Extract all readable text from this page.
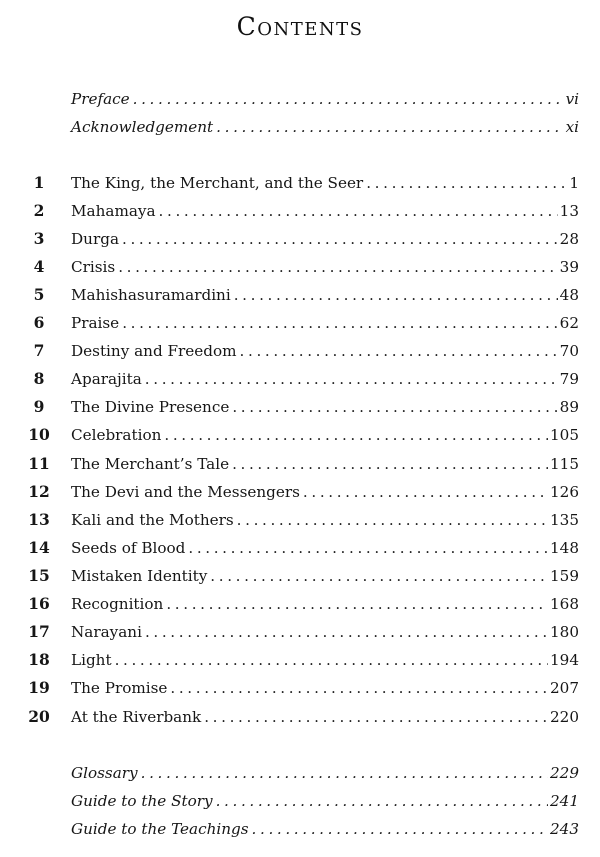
Contents
Preface . . .	vi
Acknowledgement . . .	xi
1	The King, the Merchant, and the Seer . . .	1
2	Mahamaya . . .	13
3	Durga . . .	28
4	Crisis . . .	39
5	Mahishasuramardini . . .	48
6	Praise . . .	62
7	Destiny and Freedom . . .	70
8	Aparajita . . .	79
9	The Divine Presence . . .	89
10	Celebration . . .	105
11	The Merchant’s Tale . . .	115
12	The Devi and the Messengers . . .	126
13	Kali and the Mothers . . .	135
14	Seeds of Blood . . .	148
15	Mistaken Identity . . .	159
16	Recognition . . .	168
17	Narayani . . .	180
18	Light . . .	194
19	The Promise . . .	207
20	At the Riverbank . . .	220
Glossary . . .	229
Guide to the Story . . .	241
Guide to the Teachings . . .	243
